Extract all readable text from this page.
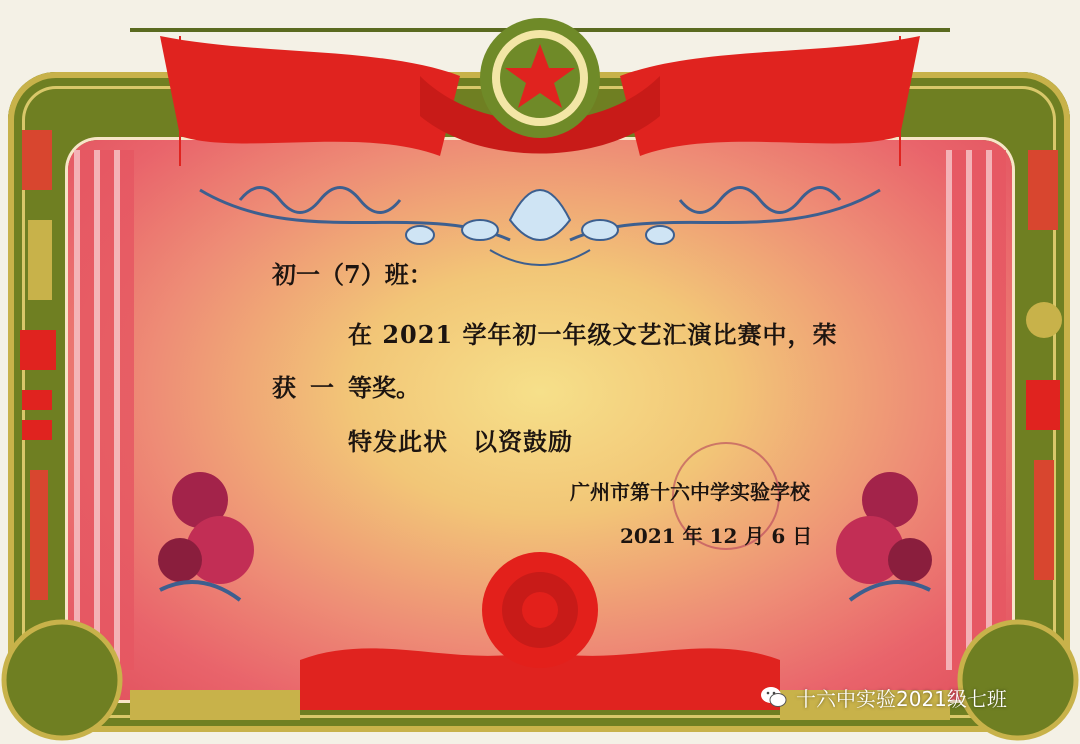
初一（7）班：
在 2021 学年初一年级文艺汇演比赛中，荣
获 一 等奖。
特发此状　以资鼓励
广州市第十六中学实验学校
2021 年 12 月 6 日
十六中实验2021级七班
